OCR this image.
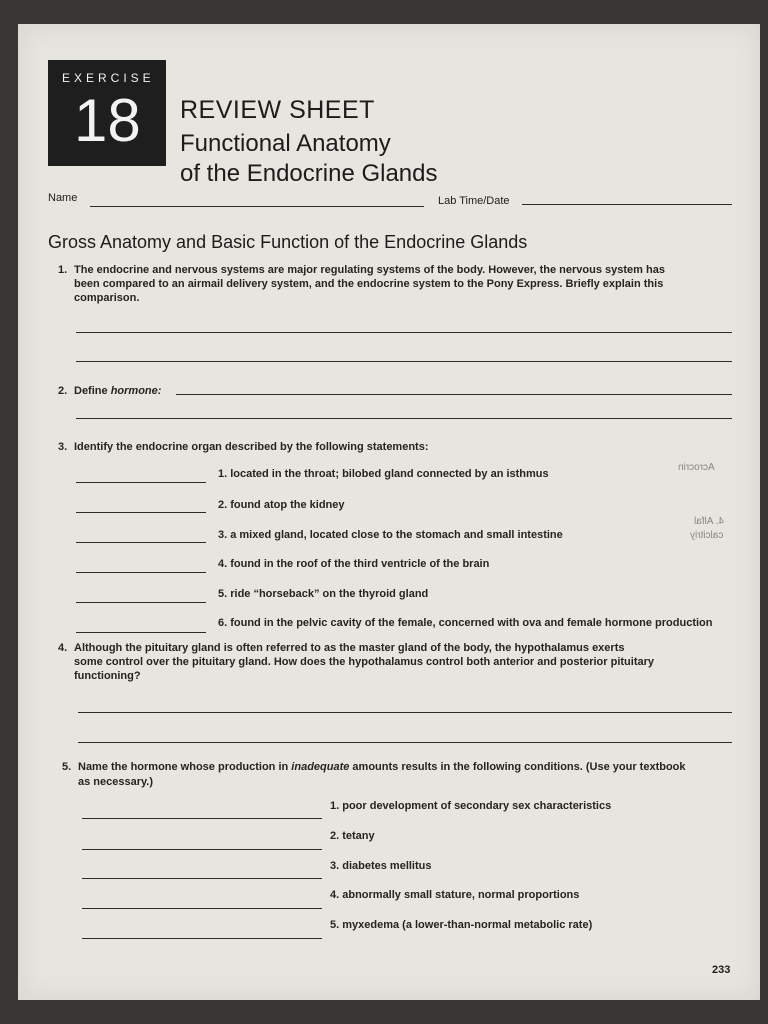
EXERCISE
18 REVIEW SHEET
Functional Anatomy
of the Endocrine Glands
Name	Lab Time/Date
Gross Anatomy and Basic Function of the Endocrine Glands
1. The endocrine and nervous systems are major regulating systems of the body. However, the nervous system has
been compared to an airmail delivery system, and the endocrine system to the Pony Express. Briefly explain this
comparison.
2. Define hormone:
3. Identify the endocrine organ described by the following statements:
1. located in the throat; bilobed gland connected by an isthmus
2. found atop the kidney
3. a mixed gland, located close to the stomach and small intestine
4. found in the roof of the third ventricle of the brain
5. ride “horseback” on the thyroid gland
6. found in the pelvic cavity of the female, concerned with ova and female hormone production
4. Although the pituitary gland is often referred to as the master gland of the body, the hypothalamus exerts
some control over the pituitary gland. How does the hypothalamus control both anterior and posterior pituitary
functioning?
5. Name the hormone whose production in inadequate amounts results in the following conditions. (Use your textbook
as necessary.)
1. poor development of secondary sex characteristics
2. tetany
3. diabetes mellitus
4. abnormally small stature, normal proportions
5. myxedema (a lower-than-normal metabolic rate)
233
Acrocrin
4. Alfal
calcitriy
